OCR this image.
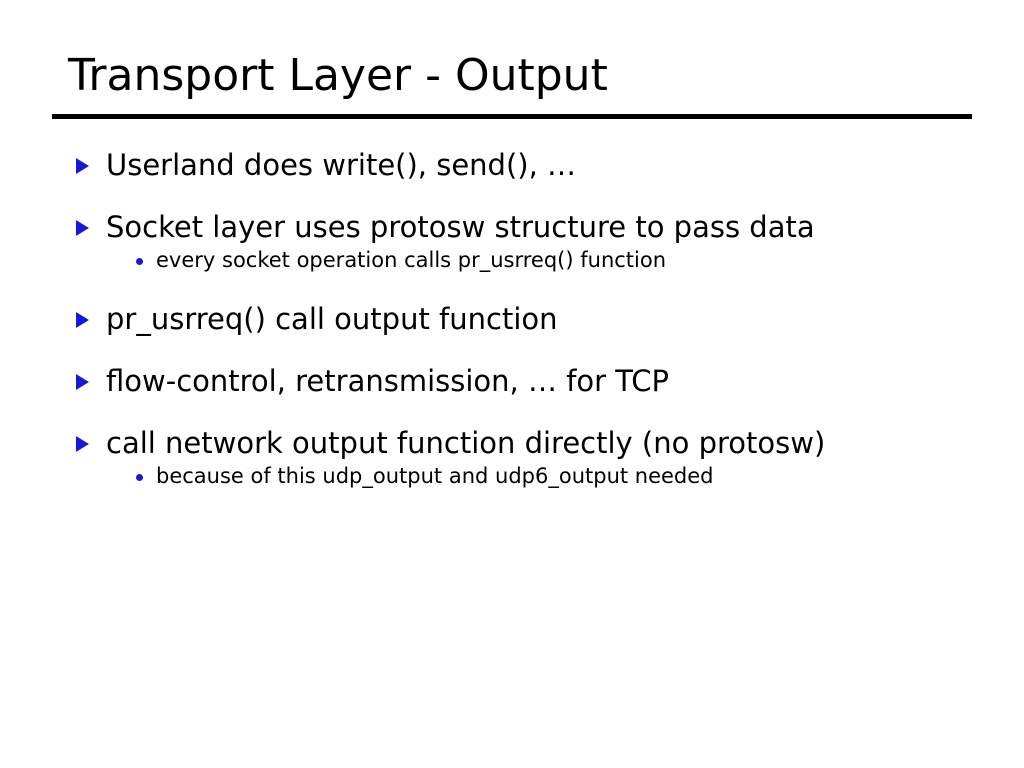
Transport Layer - Output
Userland does write(), send(), …
Socket layer uses protosw structure to pass data
every socket operation calls pr_usrreq() function
pr_usrreq() call output function
flow-control, retransmission, … for TCP
call network output function directly (no protosw)
because of this udp_output and udp6_output needed
